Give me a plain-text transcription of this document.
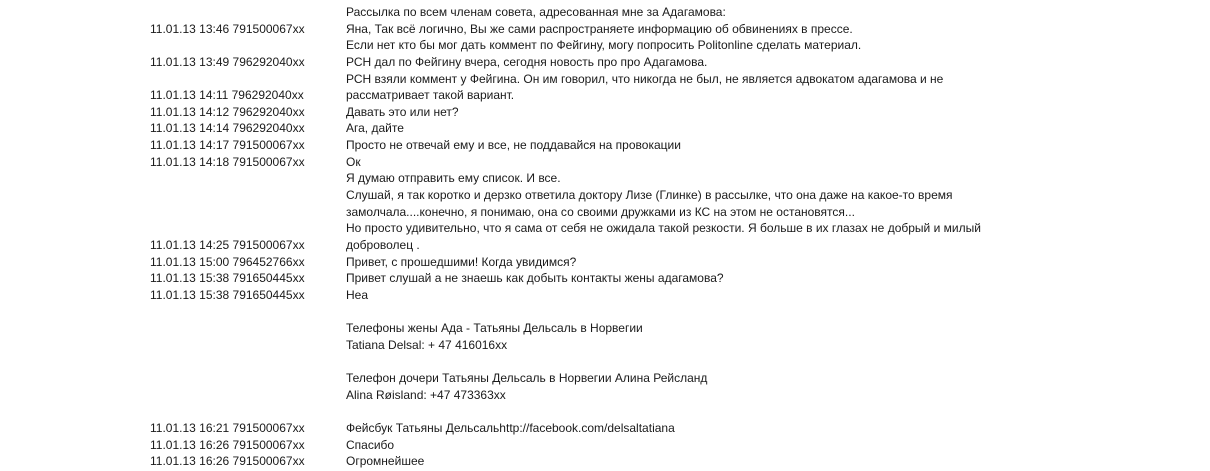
Рассылка по всем членам совета, адресованная мне за Адагамова:
11.01.13 13:46 791500067xx	Яна, Так всё логично, Вы же сами распространяете информацию об обвинениях в прессе.
Если нет кто бы мог дать коммент по Фейгину, могу попросить Politonline сделать материал.
11.01.13 13:49 796292040xx	РСН дал по Фейгину вчера, сегодня новость про про Адагамова.
РСН взяли коммент у Фейгина. Он им говорил, что никогда не был, не является адвокатом адагамова и не
11.01.13 14:11 796292040xx	рассматривает такой вариант.
11.01.13 14:12 796292040xx	Давать это или нет?
11.01.13 14:14 796292040xx	Ага, дайте
11.01.13 14:17 791500067xx	Просто не отвечай ему и все, не поддавайся на провокации
11.01.13 14:18 791500067xx	Ок
Я думаю отправить ему список. И все.
Слушай, я так коротко и дерзко ответила доктору Лизе (Глинке) в рассылке, что она даже на какое-то время
замолчала....конечно, я понимаю, она со своими дружками из КС на этом не остановятся...
Но просто удивительно, что я сама от себя не ожидала такой резкости. Я больше в их глазах не добрый и милый
11.01.13 14:25 791500067xx	доброволец .
11.01.13 15:00 796452766xx	Привет, с прошедшими! Когда увидимся?
11.01.13 15:38 791650445xx	Привет слушай а не знаешь как добыть контакты жены адагамова?
11.01.13 15:38 791650445xx	Неа
Телефоны жены Ада - Татьяны Дельсаль в Норвегии
Tatiana Delsal: + 47 416016xx
Телефон дочери Татьяны Дельсаль в Норвегии Алина Рейсланд
Alina Røisland: +47 473363xx
11.01.13 16:21 791500067xx	Фейсбук Татьяны Дельсальhttp://facebook.com/delsaltatiana
11.01.13 16:26 791500067xx	Спасибо
11.01.13 16:26 791500067xx	Огромнейшее
